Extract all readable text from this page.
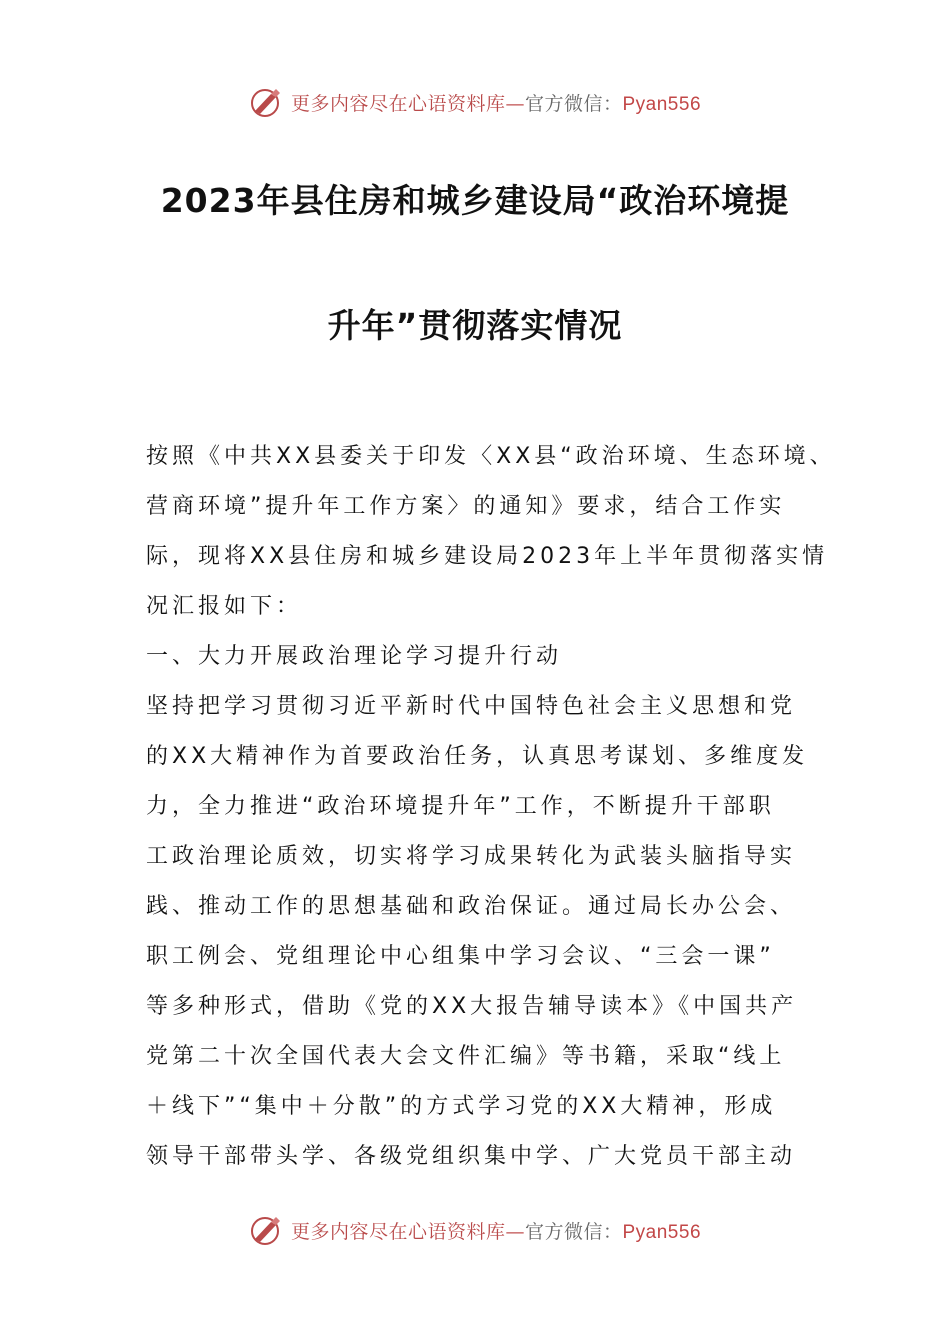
更多内容尽在心语资料库—官方微信：Pyan556
2023年县住房和城乡建设局“政治环境提
升年”贯彻落实情况
按照《中共XX县委关于印发〈XX县“政治环境、生态环境、
营商环境”提升年工作方案〉的通知》要求，结合工作实
际，现将XX县住房和城乡建设局2023年上半年贯彻落实情
况汇报如下：
一、大力开展政治理论学习提升行动
坚持把学习贯彻习近平新时代中国特色社会主义思想和党
的XX大精神作为首要政治任务，认真思考谋划、多维度发
力，全力推进“政治环境提升年”工作，不断提升干部职
工政治理论质效，切实将学习成果转化为武装头脑指导实
践、推动工作的思想基础和政治保证。通过局长办公会、
职工例会、党组理论中心组集中学习会议、“三会一课”
等多种形式，借助《党的XX大报告辅导读本》《中国共产
党第二十次全国代表大会文件汇编》等书籍，采取“线上
＋线下”“集中＋分散”的方式学习党的XX大精神，形成
领导干部带头学、各级党组织集中学、广大党员干部主动
更多内容尽在心语资料库—官方微信：Pyan556
